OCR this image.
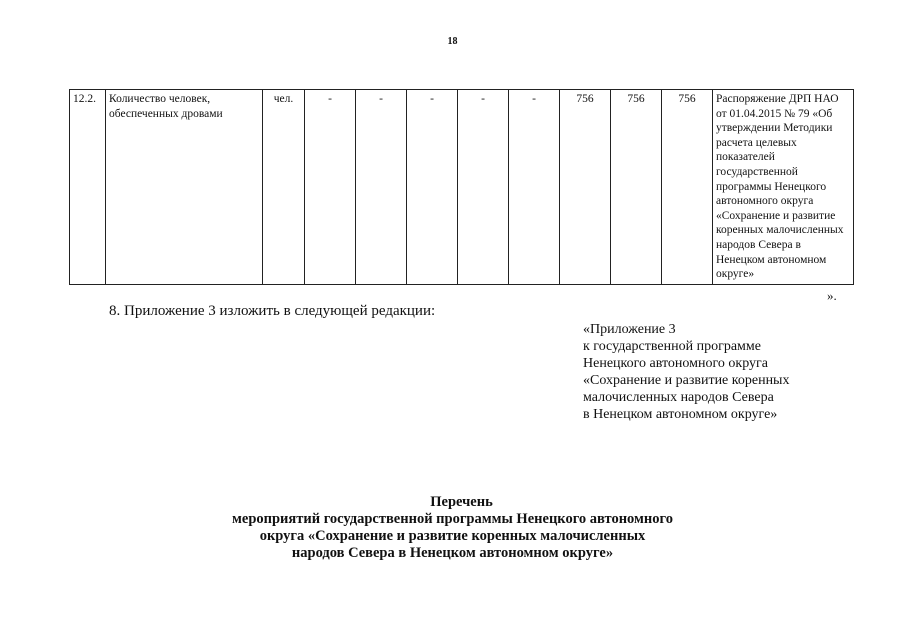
18
12.2.	Количество человек, обеспеченных дровами	чел.	-	-	-	-	-	756	756	756	Распоряжение ДРП НАО от 01.04.2015 № 79 «Об утверждении Методики расчета целевых показателей государственной программы Ненецкого автономного округа «Сохранение и развитие коренных малочисленных народов Севера в Ненецком автономном округе»
».
8. Приложение 3 изложить в следующей редакции:
«Приложение 3
к государственной программе
Ненецкого автономного округа
«Сохранение и развитие коренных
малочисленных народов Севера
в Ненецком автономном округе»
Перечень
мероприятий государственной программы Ненецкого автономного
округа «Сохранение и развитие коренных малочисленных
народов Севера в Ненецком автономном округе»
